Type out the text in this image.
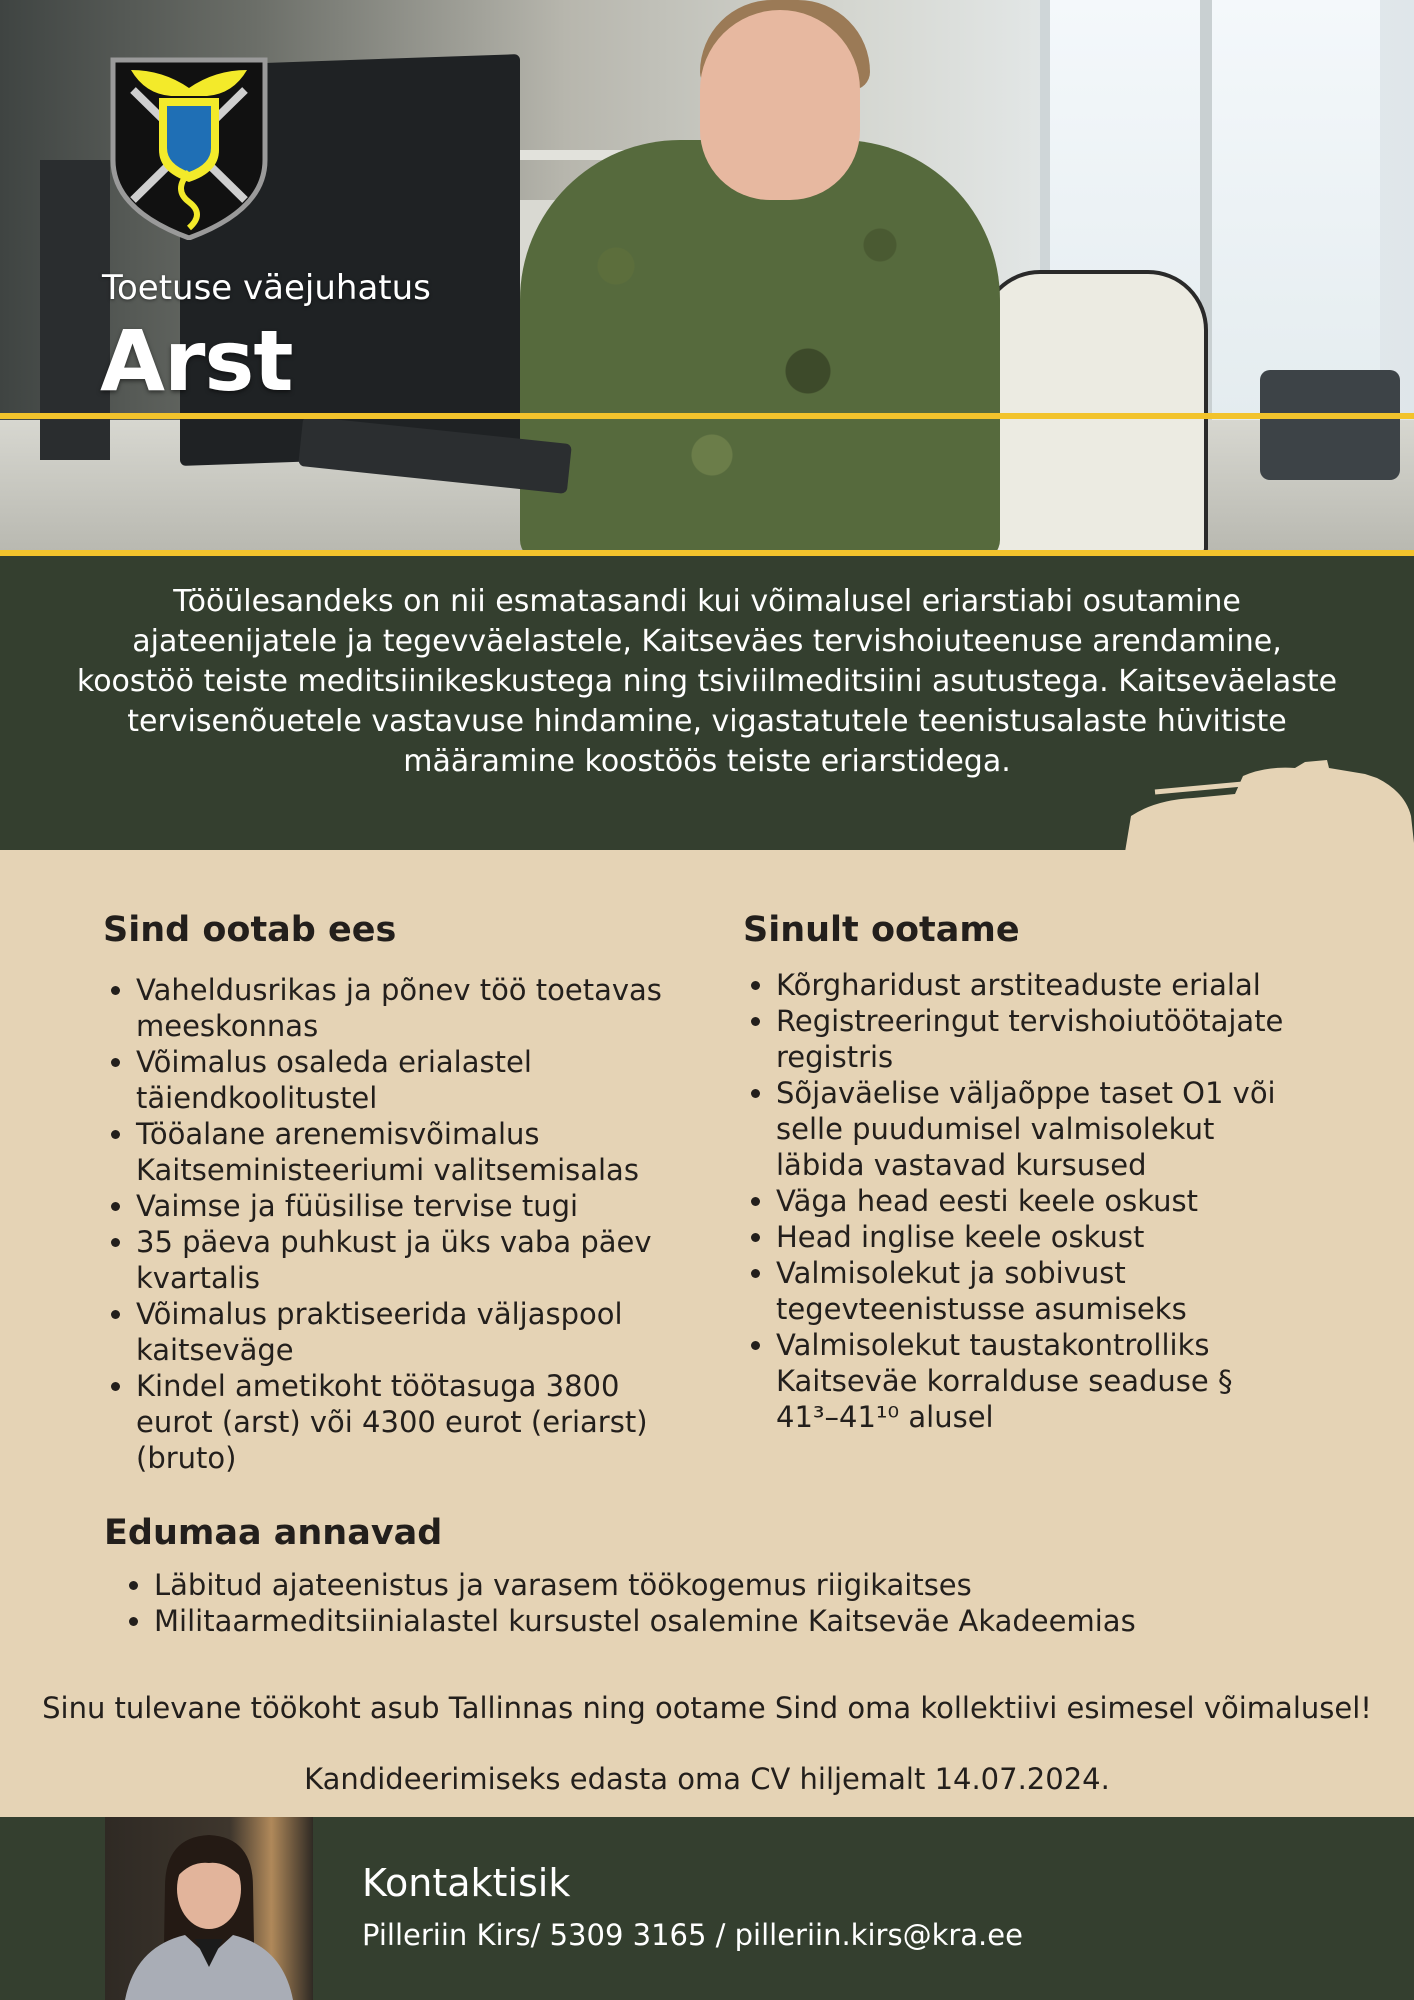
Toetuse väejuhatus
Arst
Tööülesandeks on nii esmatasandi kui võimalusel eriarstiabi osutamine ajateenijatele ja tegevväelastele, Kaitseväes tervishoiuteenuse arendamine, koostöö teiste meditsiinikeskustega ning tsiviilmeditsiini asutustega. Kaitseväelaste tervisenõuetele vastavuse hindamine, vigastatutele teenistusalaste hüvitiste määramine koostöös teiste eriarstidega.
Sind ootab ees
• Vaheldusrikas ja põnev töö toetavas meeskonnas
• Võimalus osaleda erialastel täiendkoolitustel
• Tööalane arenemisvõimalus Kaitseministeeriumi valitsemisalas
• Vaimse ja füüsilise tervise tugi
• 35 päeva puhkust ja üks vaba päev kvartalis
• Võimalus praktiseerida väljaspool kaitseväge
• Kindel ametikoht töötasuga 3800 eurot (arst) või 4300 eurot (eriarst) (bruto)
Sinult ootame
• Kõrgharidust arstiteaduste erialal
• Registreeringut tervishoiutöötajate registris
• Sõjaväelise väljaõppe taset O1 või selle puudumisel valmisolekut läbida vastavad kursused
• Väga head eesti keele oskust
• Head inglise keele oskust
• Valmisolekut ja sobivust tegevteenistusse asumiseks
• Valmisolekut taustakontrolliks Kaitseväe korralduse seaduse § 41³–41¹⁰ alusel
Edumaa annavad
• Läbitud ajateenistus ja varasem töökogemus riigikaitses
• Militaarmeditsiinialastel kursustel osalemine Kaitseväe Akadeemias
Sinu tulevane töökoht asub Tallinnas ning ootame Sind oma kollektiivi esimesel võimalusel!
Kandideerimiseks edasta oma CV hiljemalt 14.07.2024.
Kontaktisik
Pilleriin Kirs/ 5309 3165 / pilleriin.kirs@kra.ee
